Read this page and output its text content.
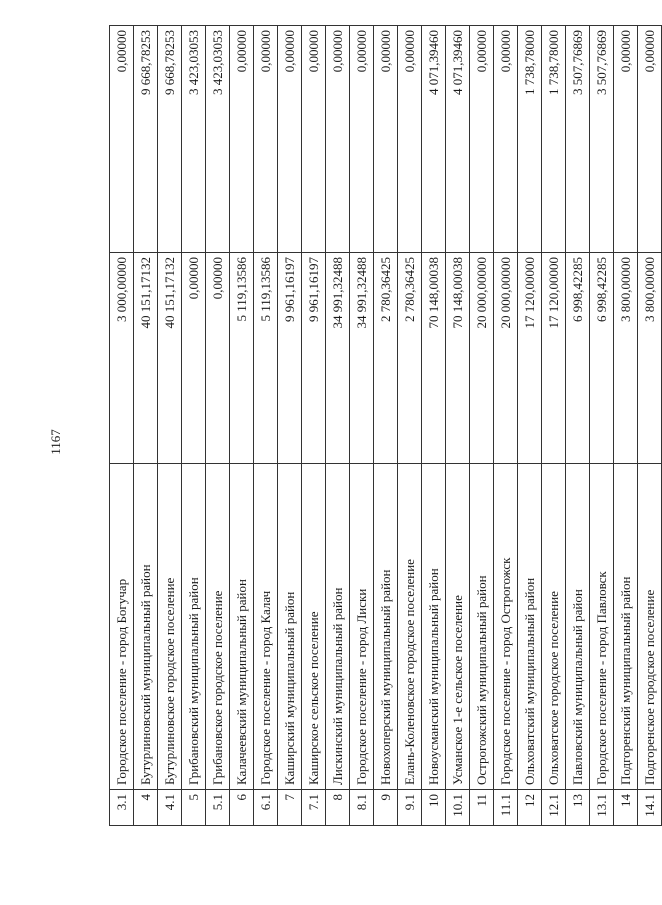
1167
3.1	Городское поселение - город Богучар	3 000,00000	0,00000
4	Бутурлиновский муниципальный район	40 151,17132	9 668,78253
4.1	Бутурлиновское городское поселение	40 151,17132	9 668,78253
5	Грибановский муниципальный район	0,00000	3 423,03053
5.1	Грибановское городское поселение	0,00000	3 423,03053
6	Калачеевский муниципальный район	5 119,13586	0,00000
6.1	Городское поселение - город Калач	5 119,13586	0,00000
7	Каширский муниципальный район	9 961,16197	0,00000
7.1	Каширское сельское поселение	9 961,16197	0,00000
8	Лискинский муниципальный район	34 991,32488	0,00000
8.1	Городское поселение - город Лиски	34 991,32488	0,00000
9	Новохоперский муниципальный район	2 780,36425	0,00000
9.1	Елань-Коленовское городское поселение	2 780,36425	0,00000
10	Новоусманский муниципальный район	70 148,00038	4 071,39460
10.1	Усманское 1-е сельское поселение	70 148,00038	4 071,39460
11	Острогожский муниципальный район	20 000,00000	0,00000
11.1	Городское поселение - город Острогожск	20 000,00000	0,00000
12	Ольховатский муниципальный район	17 120,00000	1 738,78000
12.1	Ольховатское городское поселение	17 120,00000	1 738,78000
13	Павловский муниципальный район	6 998,42285	3 507,76869
13.1	Городское поселение - город Павловск	6 998,42285	3 507,76869
14	Подгоренский муниципальный район	3 800,00000	0,00000
14.1	Подгоренское городское поселение	3 800,00000	0,00000
